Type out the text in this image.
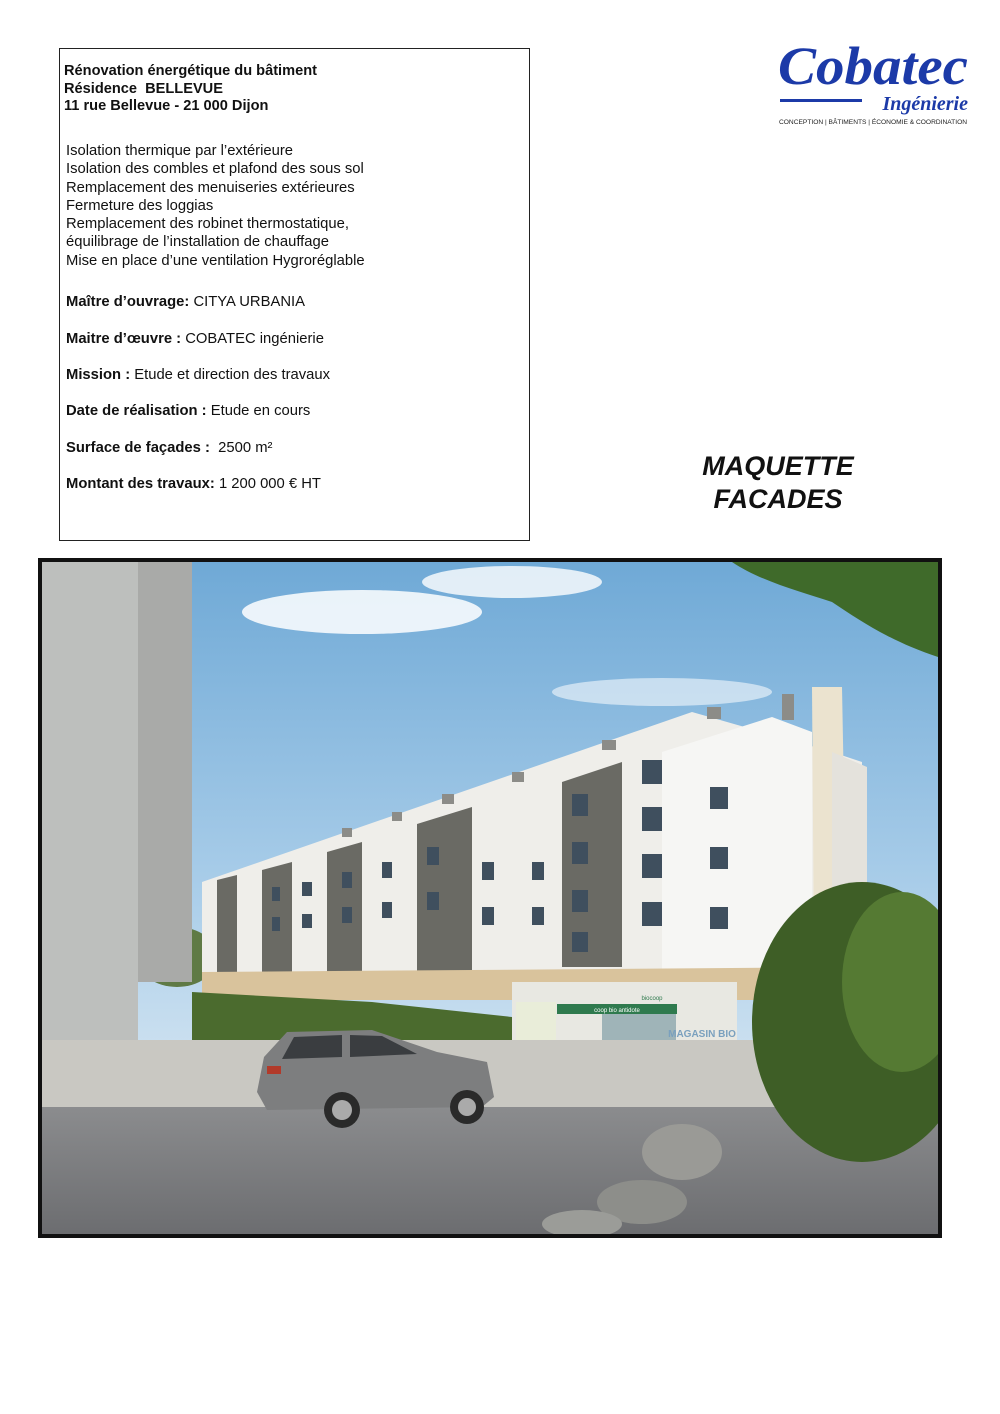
Rénovation énergétique du bâtiment
Résidence  BELLEVUE
11 rue Bellevue - 21 000 Dijon
Isolation thermique par l’extérieure
Isolation des combles et plafond des sous sol
Remplacement des menuiseries extérieures
Fermeture des loggias
Remplacement des robinet thermostatique,
équilibrage de l’installation de chauffage
Mise en place d’une ventilation Hygroréglable
Maître d’ouvrage: CITYA URBANIA
Maitre d’œuvre : COBATEC ingénierie
Mission : Etude et direction des travaux
Date de réalisation : Etude en cours
Surface de façades :  2500 m²
Montant des travaux: 1 200 000 € HT
Cobatec
Ingénierie
CONCEPTION | BÂTIMENTS | ÉCONOMIE & COORDINATION
MAQUETTE
FACADES
coop bio antidote
biocoop
MAGASIN BIO
